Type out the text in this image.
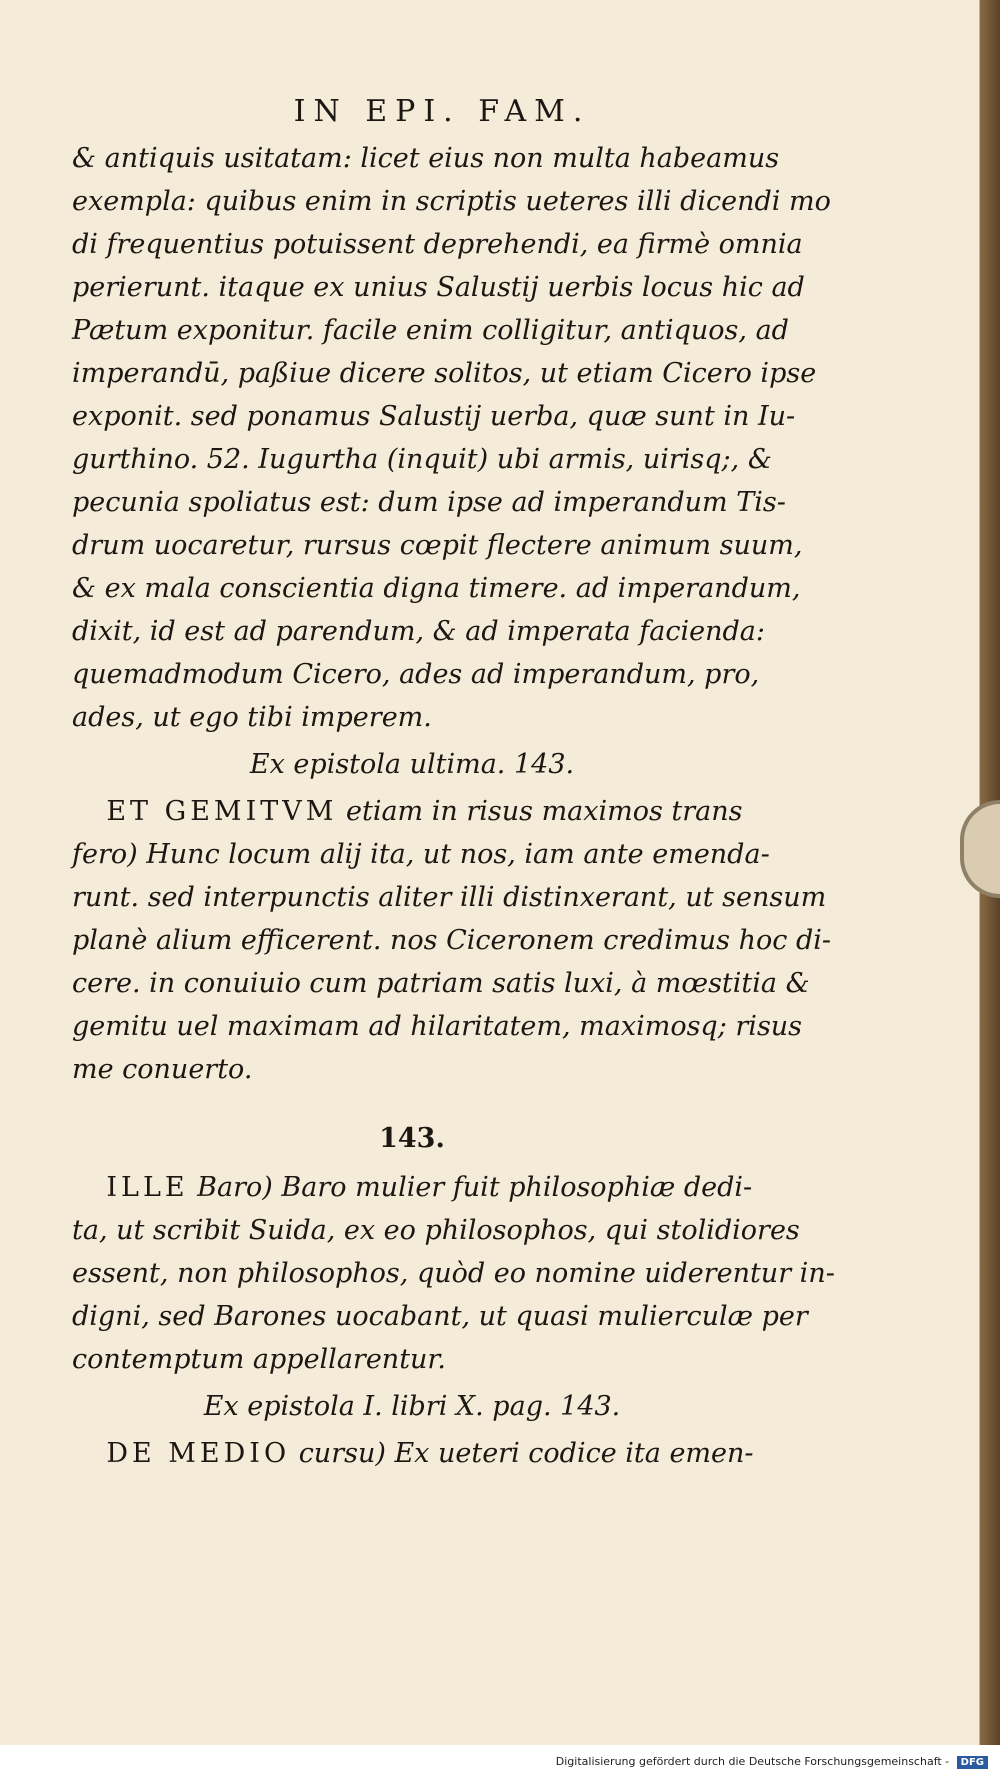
IN EPI. FAM.
& antiquis usitatam: licet eius non multa habeamus
exempla: quibus enim in scriptis ueteres illi dicendi mo
di frequentius potuissent deprehendi, ea firmè omnia
perierunt. itaque ex unius Salustij uerbis locus hic ad
Pætum exponitur. facile enim colligitur, antiquos, ad
imperandū, paßiue dicere solitos, ut etiam Cicero ipse
exponit. sed ponamus Salustij uerba, quæ sunt in Iu-
gurthino. 52. Iugurtha (inquit) ubi armis, uirisq;, &
pecunia spoliatus est: dum ipse ad imperandum Tis-
drum uocaretur, rursus cœpit flectere animum suum,
& ex mala conscientia digna timere. ad imperandum,
dixit, id est ad parendum, & ad imperata facienda:
quemadmodum Cicero, ades ad imperandum, pro,
ades, ut ego tibi imperem.
Ex epistola ultima. 143.
ET GEMITVM etiam in risus maximos trans
fero) Hunc locum alij ita, ut nos, iam ante emenda-
runt. sed interpunctis aliter illi distinxerant, ut sensum
planè alium efficerent. nos Ciceronem credimus hoc di-
cere. in conuiuio cum patriam satis luxi, à mœstitia &
gemitu uel maximam ad hilaritatem, maximosq; risus
me conuerto.
143.
ILLE Baro) Baro mulier fuit philosophiæ dedi-
ta, ut scribit Suida, ex eo philosophos, qui stolidiores
essent, non philosophos, quòd eo nomine uiderentur in-
digni, sed Barones uocabant, ut quasi mulierculæ per
contemptum appellarentur.
Ex epistola I. libri X. pag. 143.
DE MEDIO cursu) Ex ueteri codice ita emen-
Digitalisierung gefördert durch die Deutsche Forschungsgemeinschaft - DFG
